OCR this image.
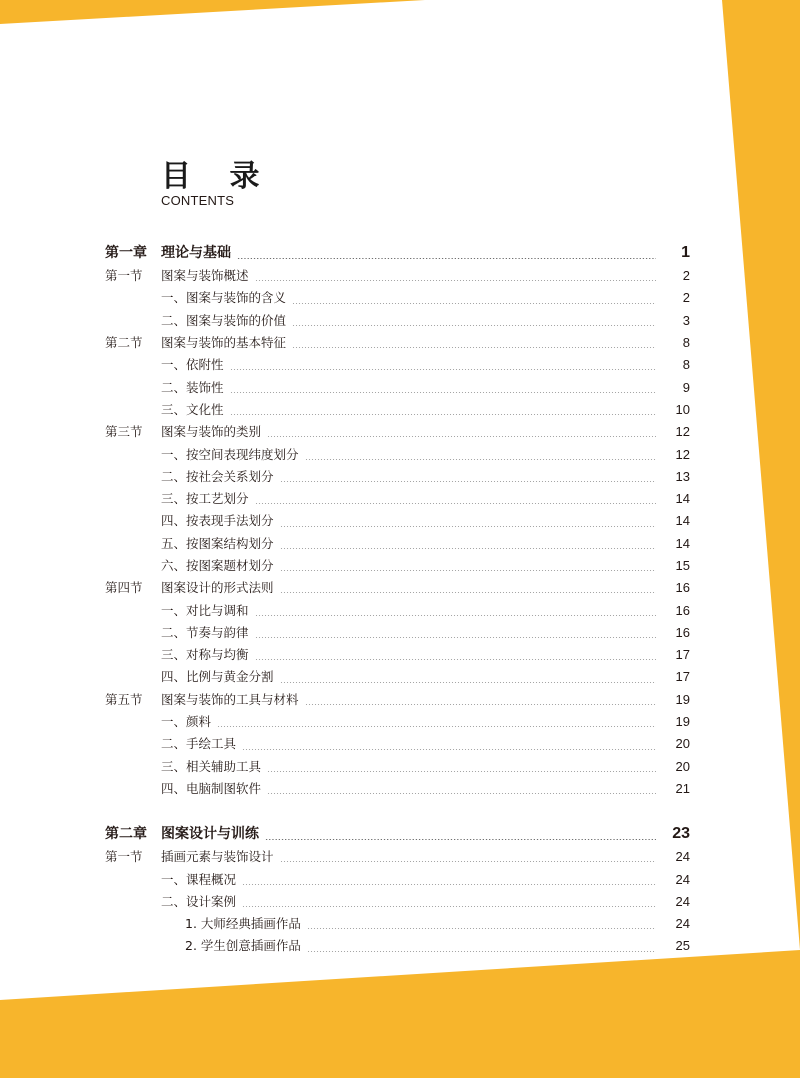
目 录
CONTENTS
第一章	理论与基础	1
第一节	图案与装饰概述	2
一、图案与装饰的含义	2
二、图案与装饰的价值	3
第二节	图案与装饰的基本特征	8
一、依附性	8
二、装饰性	9
三、文化性	10
第三节	图案与装饰的类别	12
一、按空间表现纬度划分	12
二、按社会关系划分	13
三、按工艺划分	14
四、按表现手法划分	14
五、按图案结构划分	14
六、按图案题材划分	15
第四节	图案设计的形式法则	16
一、对比与调和	16
二、节奏与韵律	16
三、对称与均衡	17
四、比例与黄金分割	17
第五节	图案与装饰的工具与材料	19
一、颜料	19
二、手绘工具	20
三、相关辅助工具	20
四、电脑制图软件	21
第二章	图案设计与训练	23
第一节	插画元素与装饰设计	24
一、课程概况	24
二、设计案例	24
1. 大师经典插画作品	24
2. 学生创意插画作品	25
